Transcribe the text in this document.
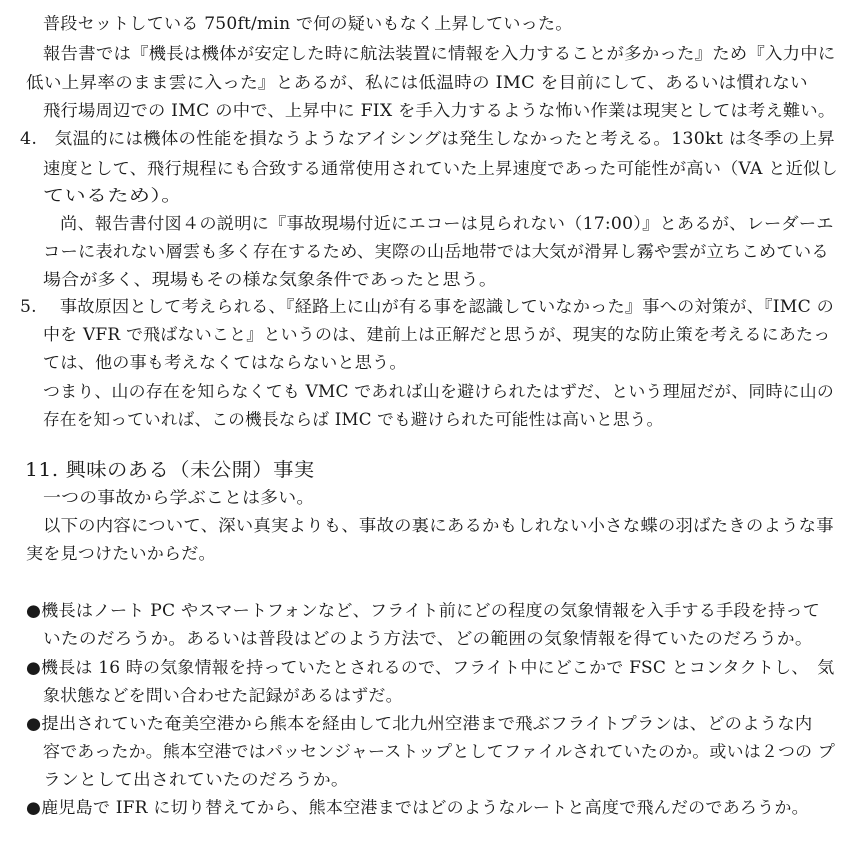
普段セットしている 750ft/min で何の疑いもなく上昇していった。
報告書では『機長は機体が安定した時に航法装置に情報を入力することが多かった』ため『入力中に
低い上昇率のまま雲に入った』とあるが、私には低温時の IMC を目前にして、あるいは慣れない
飛行場周辺での IMC の中で、上昇中に FIX を手入力するような怖い作業は現実としては考え難い。
4.　気温的には機体の性能を損なうようなアイシングは発生しなかったと考える。130kt は冬季の上昇
速度として、飛行規程にも合致する通常使用されていた上昇速度であった可能性が高い（VA と近似し
ているため）。
尚、報告書付図４の説明に『事故現場付近にエコーは見られない（17:00）』とあるが、レーダーエ
コーに表れない層雲も多く存在するため、実際の山岳地帯では大気が滑昇し霧や雲が立ちこめている
場合が多く、現場もその様な気象条件であったと思う。
5.　 事故原因として考えられる、『経路上に山が有る事を認識していなかった』事への対策が、『IMC の
中を VFR で飛ばないこと』というのは、建前上は正解だと思うが、現実的な防止策を考えるにあたっ
ては、他の事も考えなくてはならないと思う。
つまり、山の存在を知らなくても VMC であれば山を避けられたはずだ、という理屈だが、同時に山の
存在を知っていれば、この機長ならば IMC でも避けられた可能性は高いと思う。
11. 興味のある（未公開）事実
一つの事故から学ぶことは多い。
以下の内容について、深い真実よりも、事故の裏にあるかもしれない小さな蝶の羽ばたきのような事
実を見つけたいからだ。
●機長はノート PC やスマートフォンなど、フライト前にどの程度の気象情報を入手する手段を持って
いたのだろうか。あるいは普段はどのよう方法で、どの範囲の気象情報を得ていたのだろうか。
●機長は 16 時の気象情報を持っていたとされるので、フライト中にどこかで FSC とコンタクトし、　気
象状態などを問い合わせた記録があるはずだ。
●提出されていた奄美空港から熊本を経由して北九州空港まで飛ぶフライトプランは、どのような内
容であったか。熊本空港ではパッセンジャーストップとしてファイルされていたのか。或いは２つの プ
ランとして出されていたのだろうか。
●鹿児島で IFR に切り替えてから、熊本空港まではどのようなルートと高度で飛んだのであろうか。
